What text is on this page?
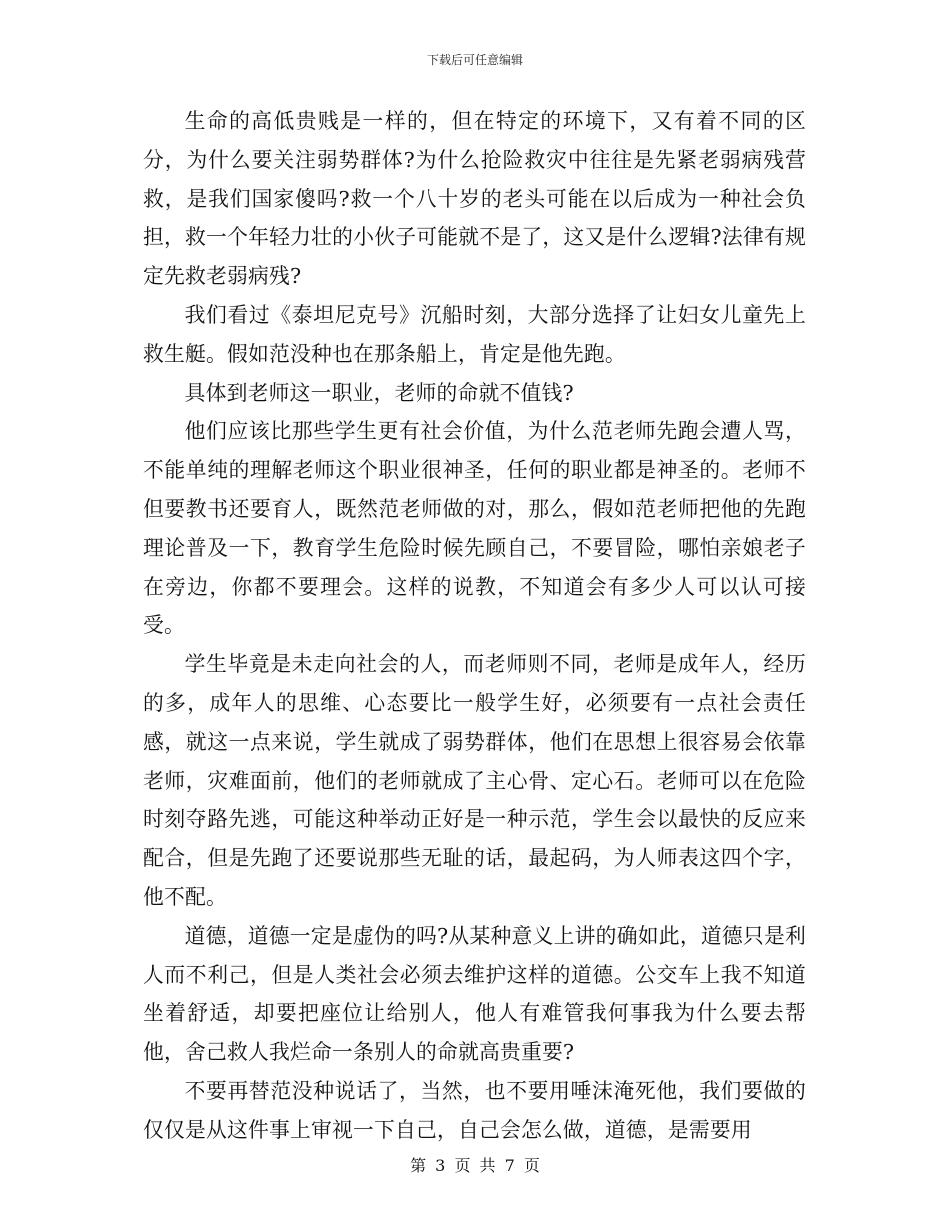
下载后可任意编辑

生命的高低贵贱是一样的，但在特定的环境下，又有着不同的区分，为什么要关注弱势群体?为什么抢险救灾中往往是先紧老弱病残营救，是我们国家傻吗?救一个八十岁的老头可能在以后成为一种社会负担，救一个年轻力壮的小伙子可能就不是了，这又是什么逻辑?法律有规定先救老弱病残?

我们看过《泰坦尼克号》沉船时刻，大部分选择了让妇女儿童先上救生艇。假如范没种也在那条船上，肯定是他先跑。

具体到老师这一职业，老师的命就不值钱?

他们应该比那些学生更有社会价值，为什么范老师先跑会遭人骂，不能单纯的理解老师这个职业很神圣，任何的职业都是神圣的。老师不但要教书还要育人，既然范老师做的对，那么，假如范老师把他的先跑理论普及一下，教育学生危险时候先顾自己，不要冒险，哪怕亲娘老子在旁边，你都不要理会。这样的说教，不知道会有多少人可以认可接受。

学生毕竟是未走向社会的人，而老师则不同，老师是成年人，经历的多，成年人的思维、心态要比一般学生好，必须要有一点社会责任感，就这一点来说，学生就成了弱势群体，他们在思想上很容易会依靠老师，灾难面前，他们的老师就成了主心骨、定心石。老师可以在危险时刻夺路先逃，可能这种举动正好是一种示范，学生会以最快的反应来配合，但是先跑了还要说那些无耻的话，最起码，为人师表这四个字，他不配。

道德，道德一定是虚伪的吗?从某种意义上讲的确如此，道德只是利人而不利己，但是人类社会必须去维护这样的道德。公交车上我不知道坐着舒适，却要把座位让给别人，他人有难管我何事我为什么要去帮他，舍己救人我烂命一条别人的命就高贵重要?

不要再替范没种说话了，当然，也不要用唾沫淹死他，我们要做的仅仅是从这件事上审视一下自己，自己会怎么做，道德，是需要用

第 3 页 共 7 页
